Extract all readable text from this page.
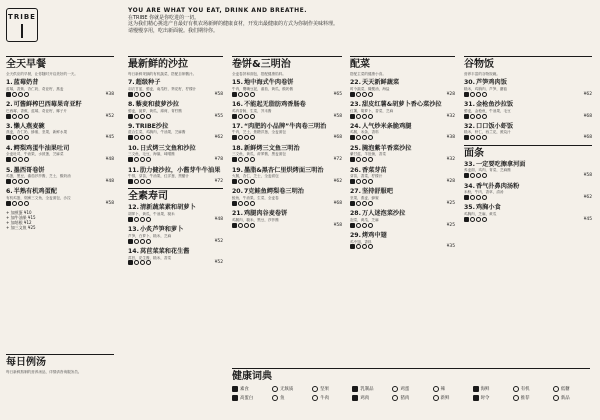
TRIBE
YOU ARE WHAT YOU EAT, DRINK AND BREATHE.
在TRIBE 你就是你吃进的一切。
这为我们精心挑选产自最好有机农场新鲜的健康食材，开发出最健康的方式为你制作美味料理。
请慢慢享用，吃出新面貌。我们期待你。
全天早餐
全天供应的早餐，让你随时开启美好的一天。
1.蓝莓奶昔
蓝莓，香蕉，杏仁奶，奇亚籽，燕麦
¥38
2.可酱鲜榨巴西莓果奇亚籽
巴西莓，香蕉，蓝莓，奇亚籽，椰子片
¥52
3.懒人燕麦碗
燕麦，杏仁奶，蜂蜜，坚果，新鲜水果
¥45
4.鳄梨鸡蛋牛油果吐司
全麦吐司，牛油果，水波蛋，芝麻菜
¥48
5.墨西哥卷饼
鸡蛋，黑豆，番茄莎莎酱，芝士，酸奶油
¥48
6.半熟有机鸡蛋配
有机鸡蛋，烟熏三文鱼，全麦面包，沙拉
¥58
+ 加煎蛋 ¥10
+ 加牛油果 ¥15
+ 加培根 ¥12
+ 加三文鱼 ¥25
最新鲜的沙拉
每日新鲜采摘的有机蔬菜，搭配自制酱汁。
7.超级种子
羽衣甘蓝，藜麦，南瓜籽，葵花籽，柠檬汁
¥58
8.藜麦和菠萝沙拉
藜麦，菠萝，黄瓜，薄荷，青柠酱
¥55
9.TRIBE沙拉
混合生菜，鸡胸肉，牛油果，芝麻酱
¥62
10.日式烤三文鱼和沙拉
三文鱼，毛豆，海藻，味噌酱
¥78
11.肋力健沙拉，小酱芽牛牛油果
牛排，芽苗，牛油果，红洋葱，黑醋汁
¥72
全素寿司
12.清新蔬菜素和胡萝卜
胡萝卜，黄瓜，牛油果，糙米
¥48
13.小炙芦笋和萝卜
芦笋，白萝卜，糙米，芝麻
¥52
14.莴苣菜菜和花生酱
莴苣，花生酱，糙米，香菜
¥52
卷饼&三明治
全麦卷饼和面包，搭配健康馅料。
15.地中海式牛肉卷饼
牛肉，鹰嘴豆泥，番茄，黄瓜，酸奶酱
¥65
16.不能起无脂肪鸡香肠卷
鸡肉香肠，生菜，芥末酱
¥58
17.“肉肥的小品牌”牛肉卷三明治
牛肉，芝士，焦糖洋葱，全麦面包
¥68
18.新鲜烤三文鱼三明治
三文鱼，黄瓜，莳萝酱，黑麦面包
¥72
19.墨脂&黑杏仁里烘烤面三明治
火腿，杏仁，芝士，全麦面包
¥62
20.7克鲑鱼鳄梨卷三明治
鲑鱼，牛油果，生菜，全麦卷
¥68
21.鸡腿肉谷麦卷饼
鸡腿肉，糙米，黑豆，莎莎酱
¥58
配菜
搭配主菜的健康小食。
22.天天新鲜蔬菜
时令蔬菜，橄榄油，海盐
¥28
23.甜皮红薯&胡萝卜香心菜沙拉
红薯，胡萝卜，香菜，芝麻
¥32
24.人气炒米条脆鸡腿
鸡腿，米条，香料
¥38
25.腌泡紫羊香菜沙拉
紫甘蓝，羊肚菌，香菜
¥32
26.香菜芽苗
芽苗，香菜，柠檬汁
¥28
27.坚持舒服吧
坚果，燕麦，蜂蜜
¥25
28.万人迷泡菜沙拉
泡菜，黄瓜，芝麻
¥25
29.烤鸡中翅
鸡中翅，香料
¥35
谷物饭
营养丰富的谷物饭碗。
30.芦笋鸡肉饭
糙米，鸡胸肉，芦笋，蘑菇
¥62
31.金枪鱼沙拉饭
藜麦，金枪鱼，牛油果，毛豆
¥68
32.口口饭小虾饭
糙米，虾仁，西兰花，照烧汁
¥68
面条
33.一定要吃擦拿河面
荞麦面，鸡肉，青菜，芝麻酱
¥58
34.香气扑鼻肉汤粉
米粉，牛肉，香草，清汤
¥62
35.鸡胸小食
鸡胸肉，芝麻，黄瓜
¥45
每日例汤
每日新鲜熬制的营养汤品，详情请咨询服务员。	健康词典
素食	无麸质	坚果	乳制品	鸡蛋	辣	海鲜	有机	低糖
高蛋白	鱼	牛肉	鸡肉	猪肉	新鲜	时令	推荐	新品
